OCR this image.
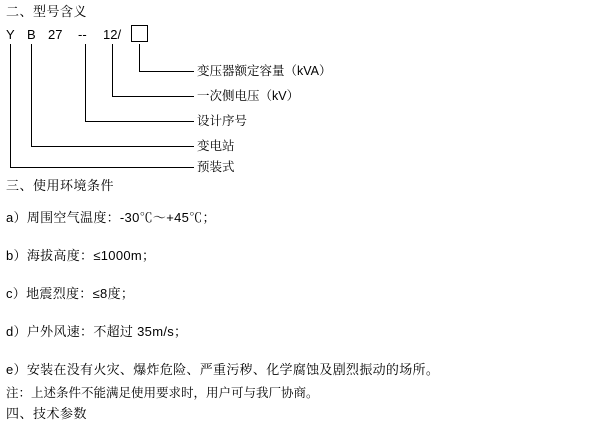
二、型号含义
Y B 27 -- 12/
变压器额定容量（kVA）
一次侧电压（kV）
设计序号
变电站
预装式
三、使用环境条件
a）周围空气温度：-30℃～+45℃；
b）海拔高度：≤1000m；
c）地震烈度：≤8度；
d）户外风速：不超过 35m/s；
e）安装在没有火灾、爆炸危险、严重污秽、化学腐蚀及剧烈振动的场所。
注：上述条件不能满足使用要求时，用户可与我厂协商。
四、技术参数
